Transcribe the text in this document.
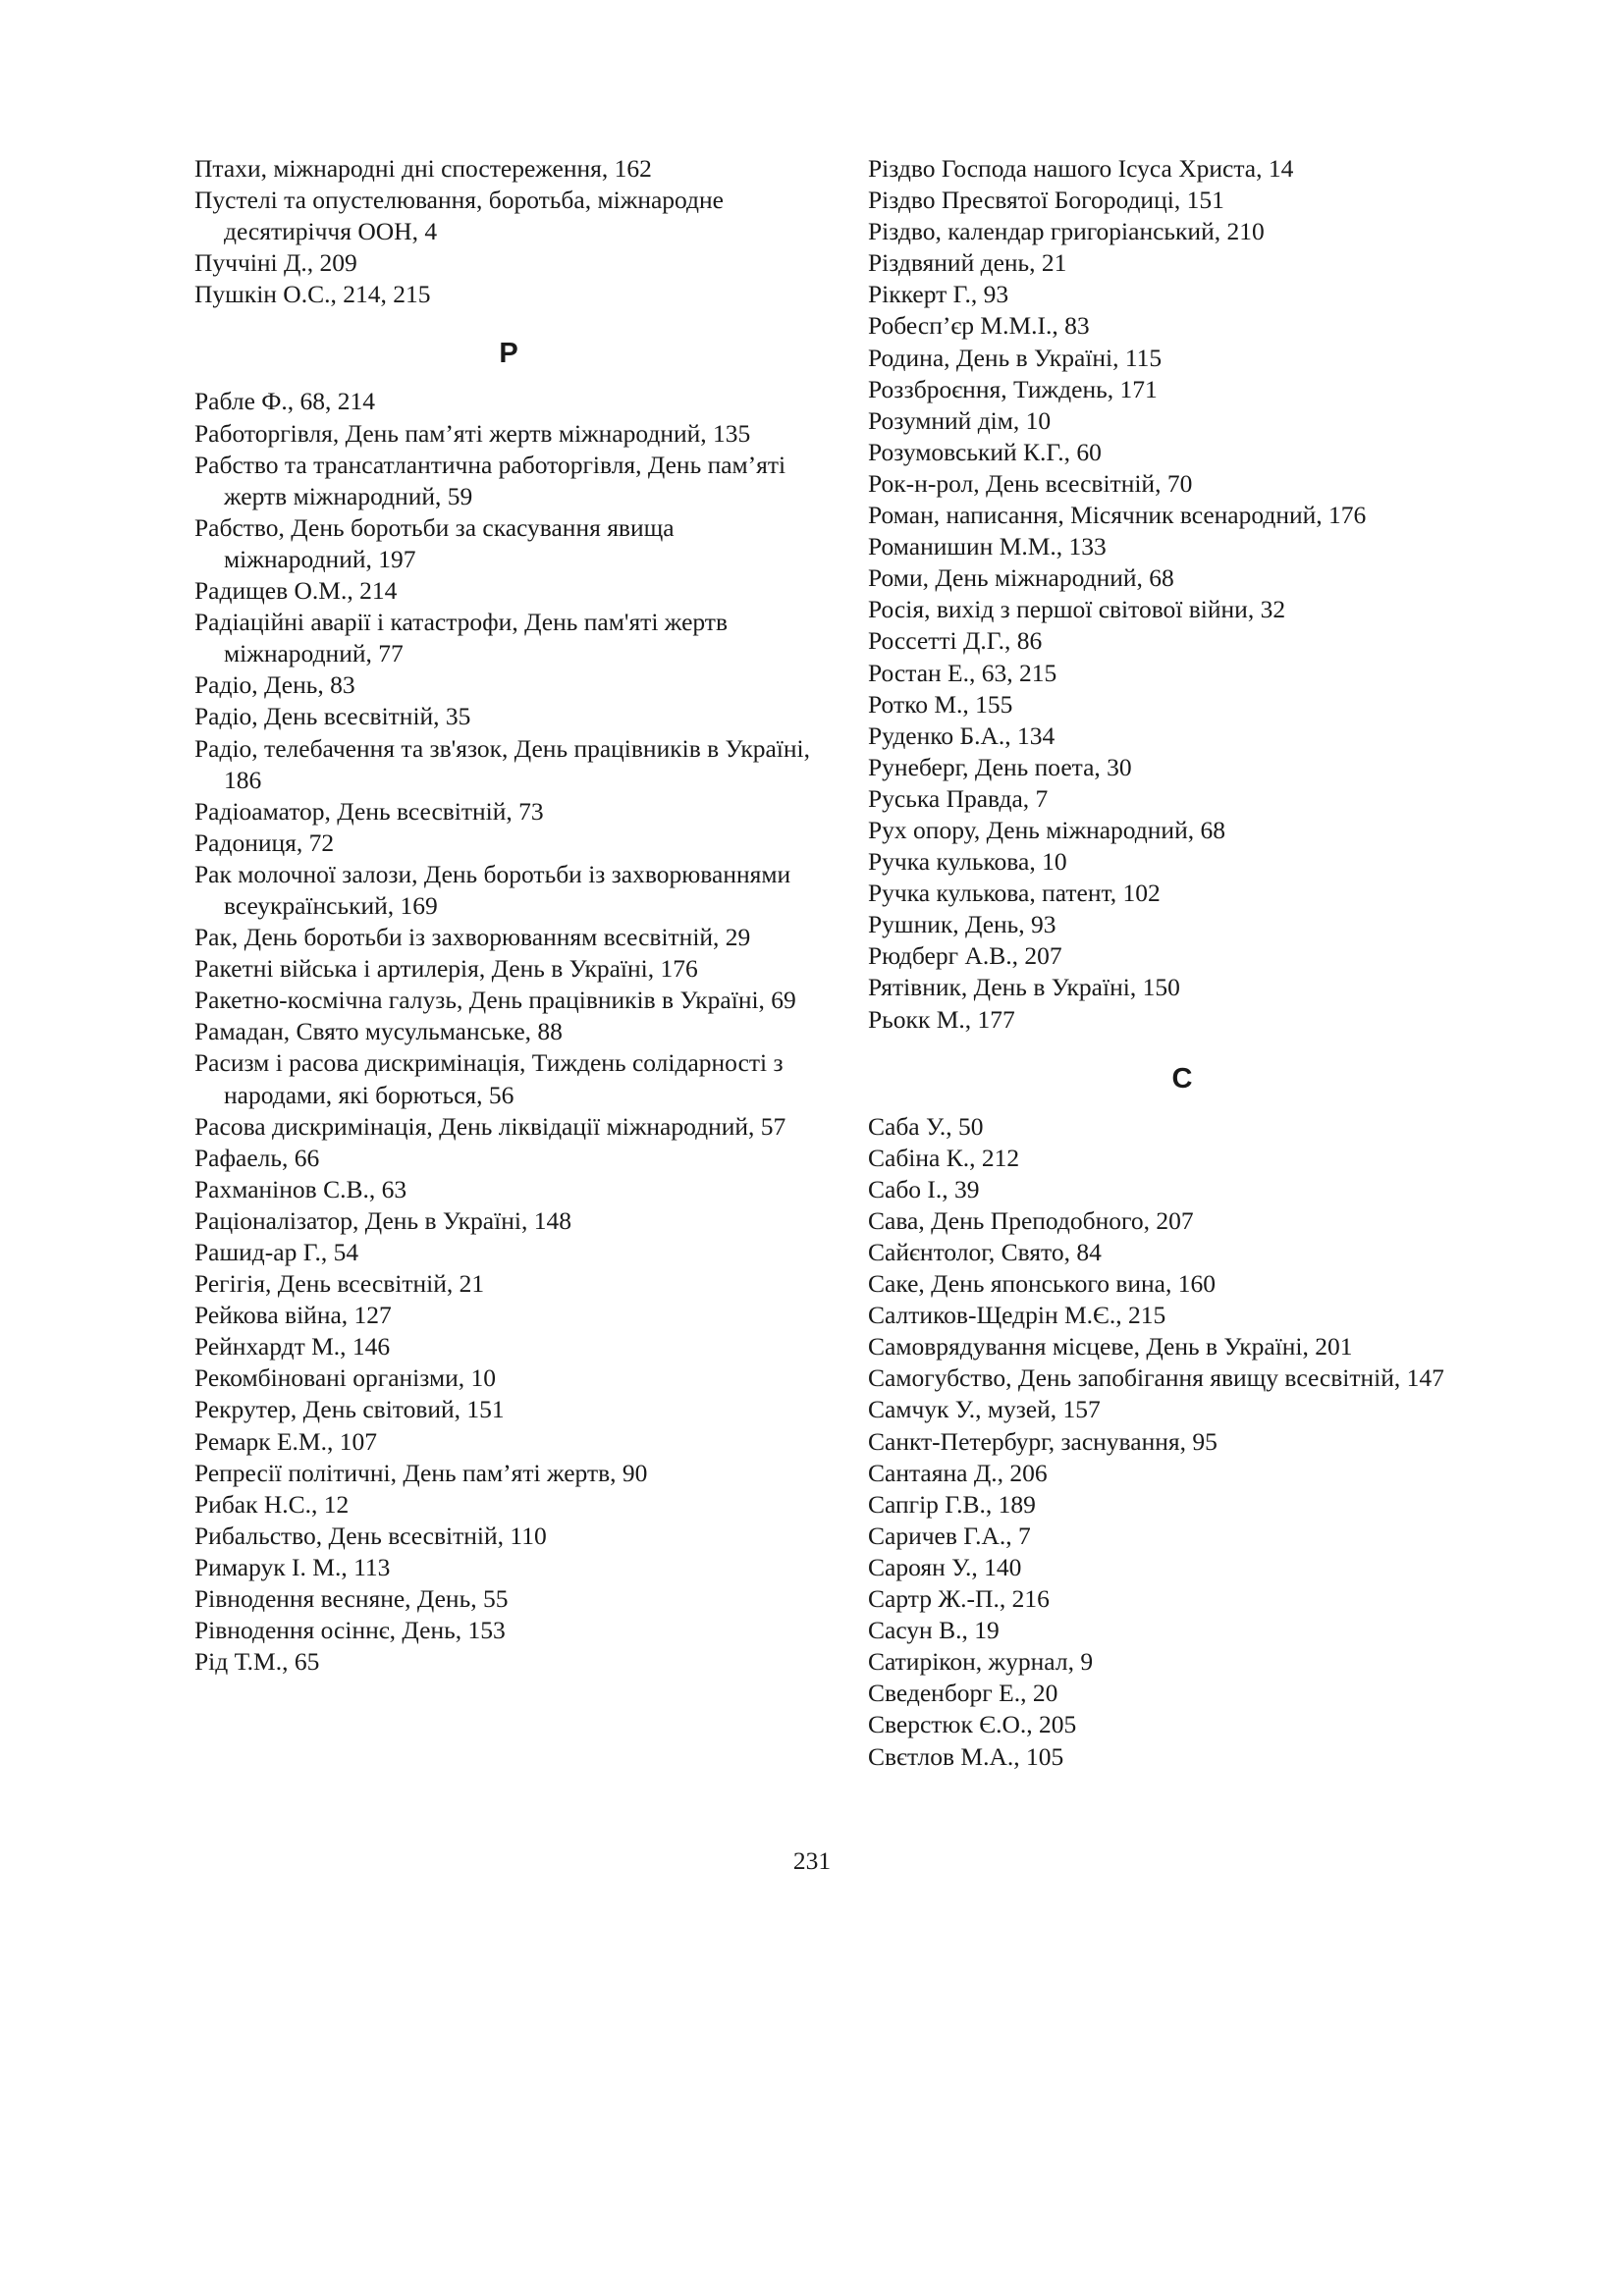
Птахи, міжнародні дні спостереження, 162
Пустелі та опустелювання, боротьба, міжнародне десятиріччя ООН, 4
Пуччіні Д., 209
Пушкін О.С., 214, 215
Р
Рабле Ф., 68, 214
Работоргівля, День пам’яті жертв міжнародний, 135
Рабство та трансатлантична работоргівля, День пам’яті жертв міжнародний, 59
Рабство, День боротьби за скасування явища міжнародний, 197
Радищев О.М., 214
Радіаційні аварії і катастрофи, День пам'яті жертв міжнародний, 77
Радіо, День, 83
Радіо, День всесвітній, 35
Радіо, телебачення та зв'язок, День працівників в Україні, 186
Радіоаматор, День всесвітній, 73
Радониця, 72
Рак молочної залози, День боротьби із захворюваннями всеукраїнський, 169
Рак, День боротьби із захворюванням всесвітній, 29
Ракетні війська і артилерія, День в Україні, 176
Ракетно-космічна галузь, День працівників в Україні, 69
Рамадан, Свято мусульманське, 88
Расизм і расова дискримінація, Тиждень солідарності з народами, які борються, 56
Расова дискримінація, День ліквідації міжнародний, 57
Рафаель, 66
Рахманінов С.В., 63
Раціоналізатор, День в Україні, 148
Рашид-ар Г., 54
Регігія, День всесвітній, 21
Рейкова війна, 127
Рейнхардт М., 146
Рекомбіновані організми, 10
Рекрутер, День світовий, 151
Ремарк Е.М., 107
Репресії політичні, День пам’яті жертв, 90
Рибак Н.С., 12
Рибальство, День всесвітній, 110
Римарук І. М., 113
Рівнодення весняне, День, 55
Рівнодення осіннє, День, 153
Рід Т.М., 65
Різдво Господа нашого Ісуса Христа, 14
Різдво Пресвятої Богородиці, 151
Різдво, календар григоріанський, 210
Різдвяний день, 21
Ріккерт Г., 93
Робесп’єр М.М.І., 83
Родина, День в Україні, 115
Роззброєння, Тиждень, 171
Розумний дім, 10
Розумовський К.Г., 60
Рок-н-рол, День всесвітній, 70
Роман, написання, Місячник всенародний, 176
Романишин М.М., 133
Роми, День міжнародний, 68
Росія, вихід з першої світової війни, 32
Россетті Д.Г., 86
Ростан Е., 63, 215
Ротко М., 155
Руденко Б.А., 134
Рунеберг, День поета, 30
Руська Правда, 7
Рух опору, День міжнародний, 68
Ручка кулькова, 10
Ручка кулькова, патент, 102
Рушник, День, 93
Рюдберг А.В., 207
Рятівник, День в Україні, 150
Рьокк М., 177
С
Саба У., 50
Сабіна К., 212
Сабо І., 39
Сава, День Преподобного, 207
Сайєнтолог, Свято, 84
Саке, День японського вина, 160
Салтиков-Щедрін М.Є., 215
Самоврядування місцеве, День в Україні, 201
Самогубство, День запобігання явищу всесвітній, 147
Самчук У., музей, 157
Санкт-Петербург, заснування, 95
Сантаяна Д., 206
Сапгір Г.В., 189
Саричев Г.А., 7
Сароян У., 140
Сартр Ж.-П., 216
Сасун В., 19
Сатирікон, журнал, 9
Сведенборг Е., 20
Сверстюк Є.О., 205
Свєтлов М.А., 105
231
